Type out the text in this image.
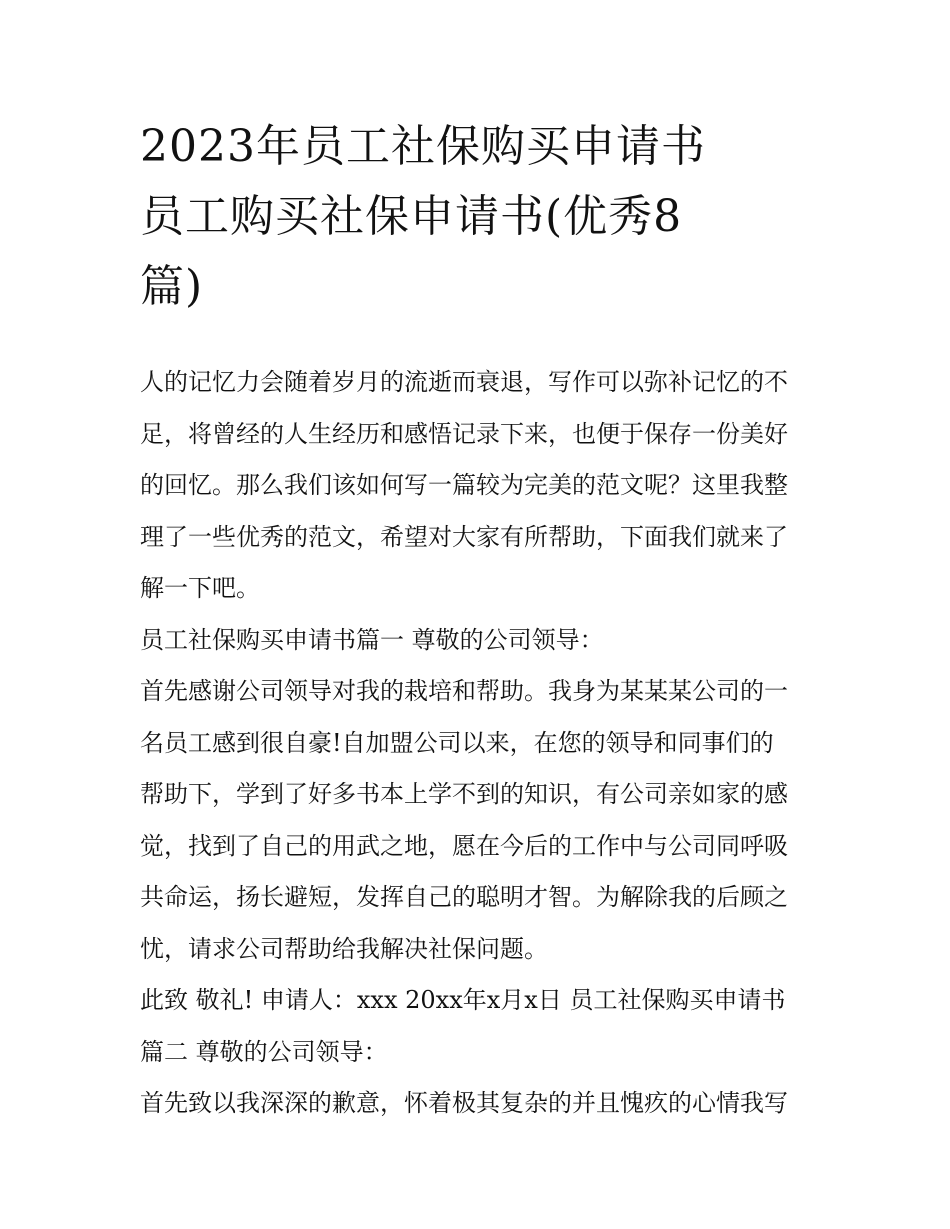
2023年员工社保购买申请书
员工购买社保申请书(优秀8
篇)
人的记忆力会随着岁月的流逝而衰退，写作可以弥补记忆的不
足，将曾经的人生经历和感悟记录下来，也便于保存一份美好
的回忆。那么我们该如何写一篇较为完美的范文呢？这里我整
理了一些优秀的范文，希望对大家有所帮助，下面我们就来了
解一下吧。
员工社保购买申请书篇一 尊敬的公司领导：
首先感谢公司领导对我的栽培和帮助。我身为某某某公司的一
名员工感到很自豪!自加盟公司以来，在您的领导和同事们的
帮助下，学到了好多书本上学不到的知识，有公司亲如家的感
觉，找到了自己的用武之地，愿在今后的工作中与公司同呼吸
共命运，扬长避短，发挥自己的聪明才智。为解除我的后顾之
忧，请求公司帮助给我解决社保问题。
此致 敬礼! 申请人：xxx 20xx年x月x日 员工社保购买申请书
篇二 尊敬的公司领导：
首先致以我深深的歉意，怀着极其复杂的并且愧疚的心情我写
